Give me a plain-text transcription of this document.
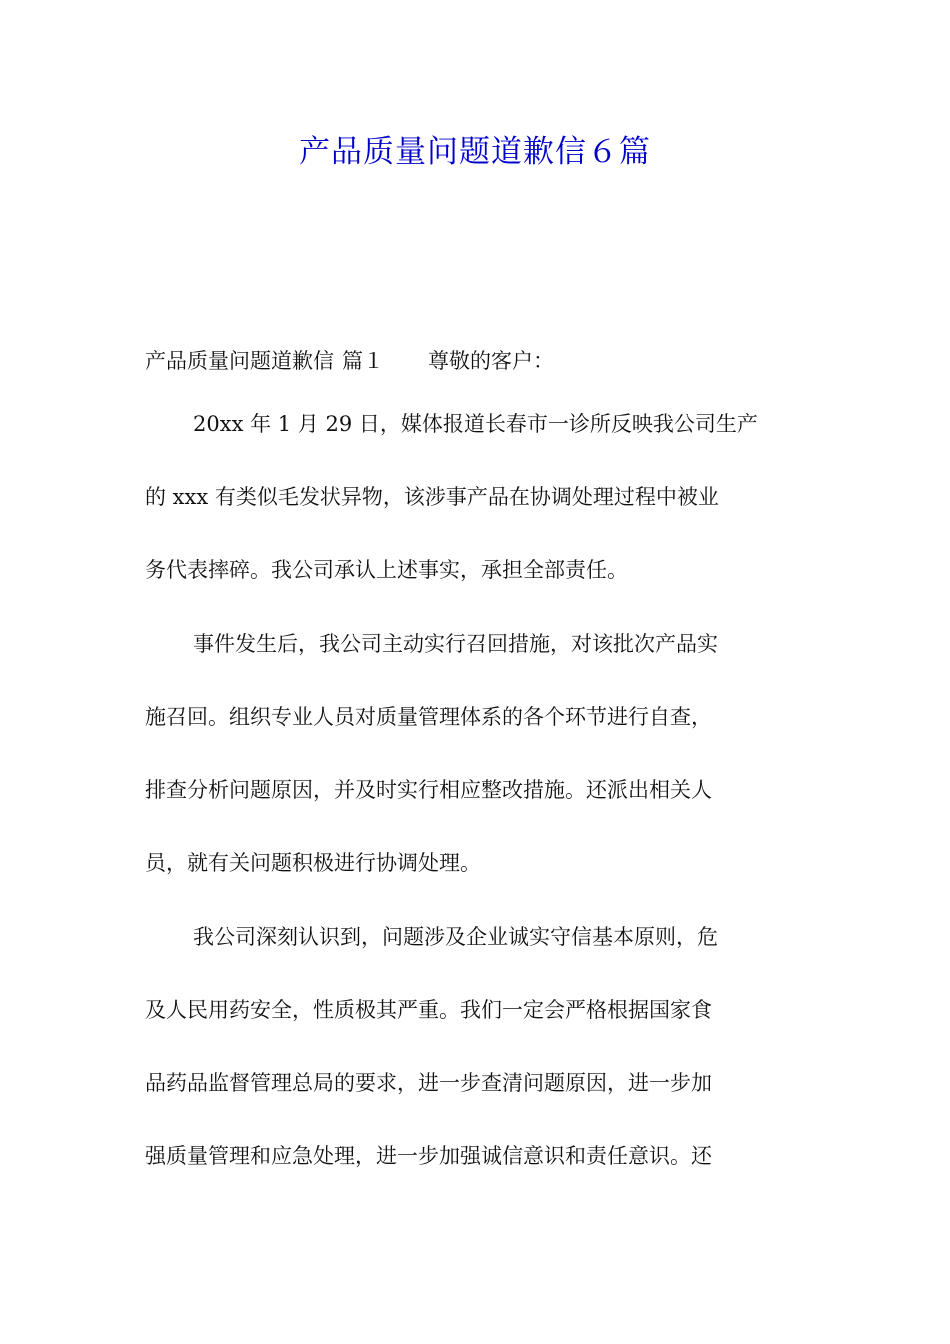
产品质量问题道歉信６篇
产品质量问题道歉信 篇１ 尊敬的客户：
20xx 年 1 月 29 日，媒体报道长春市一诊所反映我公司生产
的 xxx 有类似毛发状异物，该涉事产品在协调处理过程中被业
务代表摔碎。我公司承认上述事实，承担全部责任。
事件发生后，我公司主动实行召回措施，对该批次产品实
施召回。组织专业人员对质量管理体系的各个环节进行自查，
排查分析问题原因，并及时实行相应整改措施。还派出相关人
员，就有关问题积极进行协调处理。
我公司深刻认识到，问题涉及企业诚实守信基本原则，危
及人民用药安全，性质极其严重。我们一定会严格根据国家食
品药品监督管理总局的要求，进一步查清问题原因，进一步加
强质量管理和应急处理，进一步加强诚信意识和责任意识。还
